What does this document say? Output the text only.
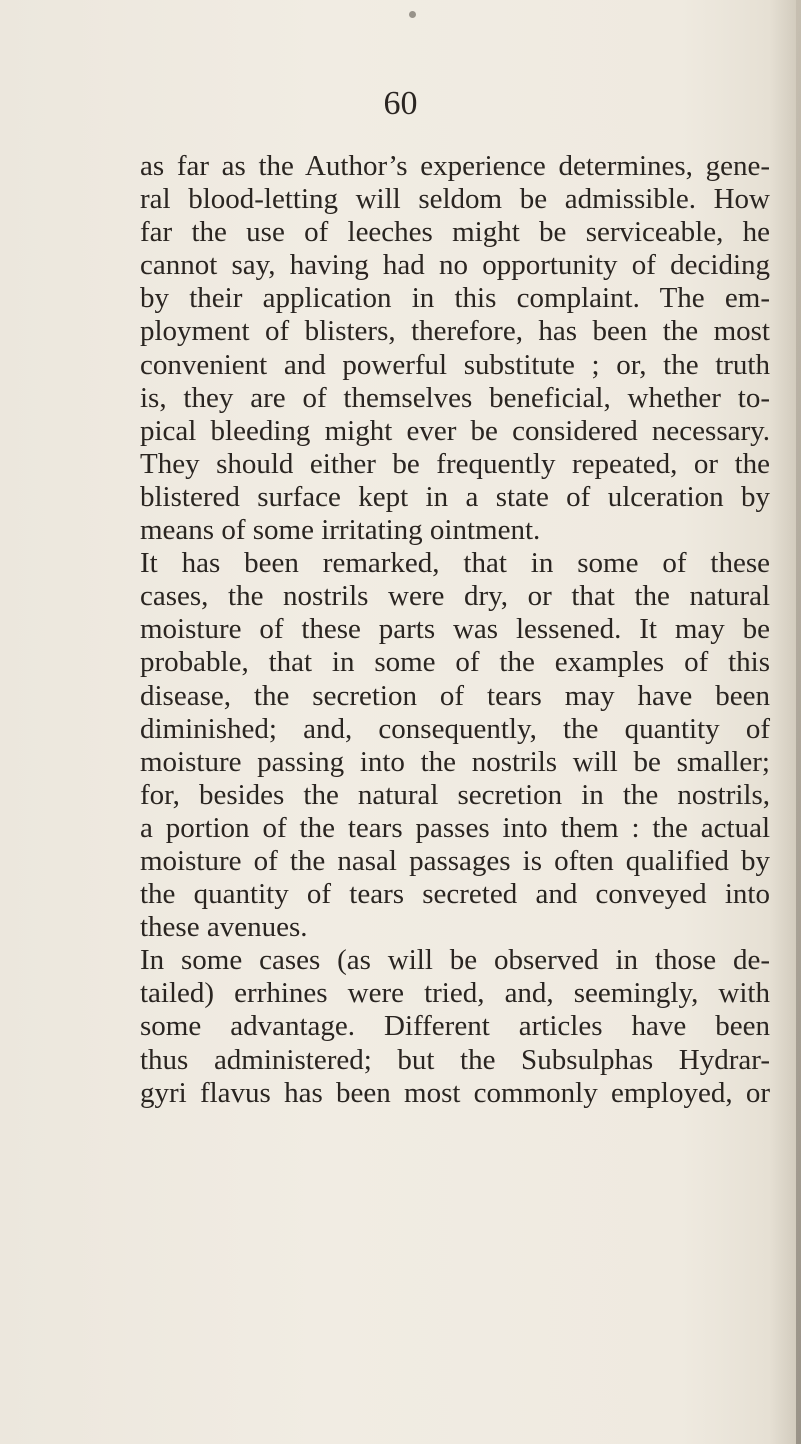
60
as far as the Author’s experience determines, gene-
ral blood-letting will seldom be admissible. How
far the use of leeches might be serviceable, he
cannot say, having had no opportunity of deciding
by their application in this complaint. The em-
ployment of blisters, therefore, has been the most
convenient and powerful substitute ; or, the truth
is, they are of themselves beneficial, whether to-
pical bleeding might ever be considered necessary.
They should either be frequently repeated, or the
blistered surface kept in a state of ulceration by
means of some irritating ointment.
It has been remarked, that in some of these
cases, the nostrils were dry, or that the natural
moisture of these parts was lessened. It may be
probable, that in some of the examples of this
disease, the secretion of tears may have been
diminished; and, consequently, the quantity of
moisture passing into the nostrils will be smaller;
for, besides the natural secretion in the nostrils,
a portion of the tears passes into them : the actual
moisture of the nasal passages is often qualified by
the quantity of tears secreted and conveyed into
these avenues.
In some cases (as will be observed in those de-
tailed) errhines were tried, and, seemingly, with
some advantage. Different articles have been
thus administered; but the Subsulphas Hydrar-
gyri flavus has been most commonly employed, or
